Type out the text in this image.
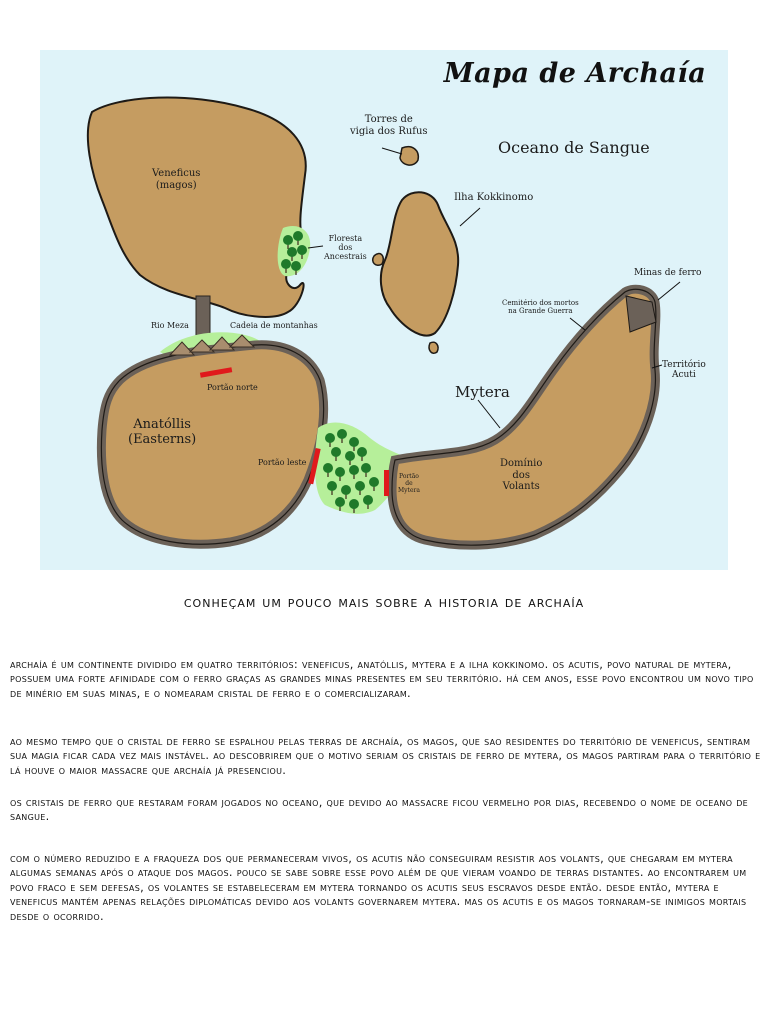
Mapa de Archaía
Oceano de Sangue
Torres de
vigia dos Rufus
Ilha Kokkinomo
Veneficus
(magos)
Floresta
dos
Ancestrais
Rio Meza	Cadeia de montanhas
Portão norte
Anatóllis
(Easterns)
Portão leste
Portão
de
Mytera
Mytera
Domínio
dos
Volants
Cemitério dos mortos
na Grande Guerra
Minas de ferro
Território
Acuti
conheçam um pouco mais sobre a historia de archaía

archaía é um continente dividido em quatro territórios: veneficus, anatóllis, mytera e a ilha kokkinomo. os acutis, povo natural de mytera, possuem uma forte afinidade com o ferro graças as grandes minas presentes em seu território. há cem anos, esse povo encontrou um novo tipo de minério em suas minas, e o nomearam cristal de ferro e o comercializaram.

ao mesmo tempo que o cristal de ferro se espalhou pelas terras de archaía, os magos, que sao residentes do território de veneficus, sentiram sua magia ficar cada vez mais instável. ao descobrirem que o motivo seriam os cristais de ferro de mytera, os magos partiram para o território e lá houve o maior massacre que archaía já presenciou.

os cristais de ferro que restaram foram jogados no oceano, que devido ao massacre ficou vermelho por dias, recebendo o nome de oceano de sangue.

com o número reduzido e a fraqueza dos que permaneceram vivos, os acutis não conseguiram resistir aos volants, que chegaram em mytera algumas semanas após o ataque dos magos. pouco se sabe sobre esse povo além de que vieram voando de terras distantes. ao encontrarem um povo fraco e sem defesas, os volantes se estabeleceram em mytera tornando os acutis seus escravos desde então. desde então, mytera e veneficus mantém apenas relações diplomáticas devido aos volants governarem mytera. mas os acutis e os magos tornaram-se inimigos mortais desde o ocorrido.
